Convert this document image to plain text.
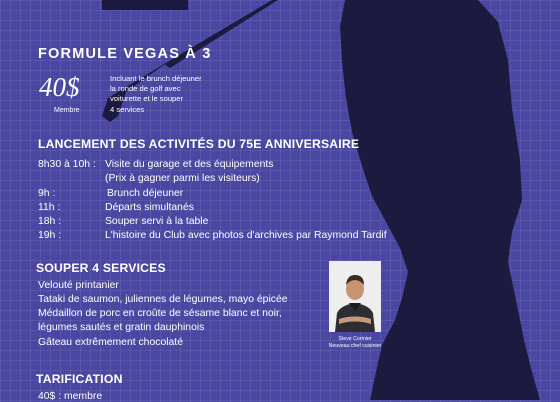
FORMULE VEGAS À 3
40$
Membre
Incluant le brunch déjeuner
la ronde de golf avec
voiturette et le souper
4 services
LANCEMENT DES ACTIVITÉS DU 75E ANNIVERSAIRE
8h30 à 10h : Visite du garage et des équipements
(Prix à gagner parmi les visiteurs)
9h :	Brunch déjeuner
11h :	Départs simultanés
18h :	Souper servi à la table
19h :	L'histoire du Club avec photos d'archives par Raymond Tardif
SOUPER 4 SERVICES
Velouté printanier
Tataki de saumon, juliennes de légumes, mayo épicée
Médaillon de porc en croûte de sésame blanc et noir,
légumes sautés et gratin dauphinois
Gâteau extrêmement chocolaté	Steve Cormier
Nouveau chef cuisinier
TARIFICATION
40$ : membre
